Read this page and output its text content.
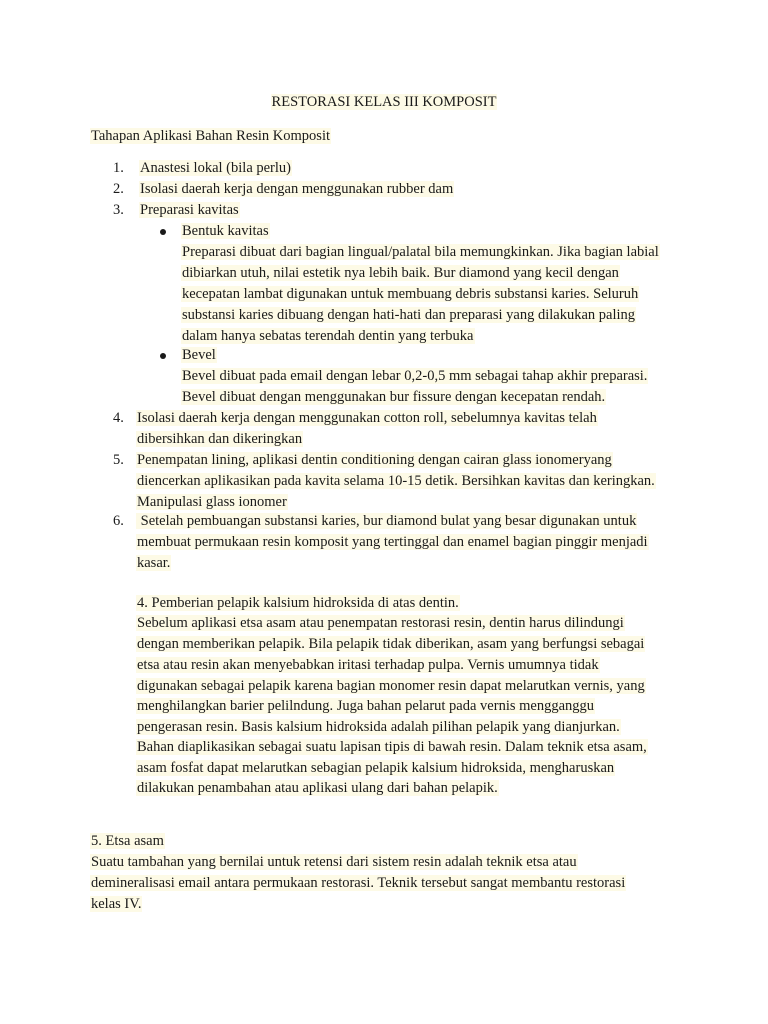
RESTORASI KELAS III KOMPOSIT
Tahapan Aplikasi Bahan Resin Komposit
1. Anastesi lokal (bila perlu)
2. Isolasi daerah kerja dengan menggunakan rubber dam
3. Preparasi kavitas
Bentuk kavitas
Preparasi dibuat dari bagian lingual/palatal bila memungkinkan. Jika bagian labial
dibiarkan utuh, nilai estetik nya lebih baik. Bur diamond yang kecil dengan
kecepatan lambat digunakan untuk membuang debris substansi karies. Seluruh
substansi karies dibuang dengan hati-hati dan preparasi yang dilakukan paling
dalam hanya sebatas terendah dentin yang terbuka
Bevel
Bevel dibuat pada email dengan lebar 0,2-0,5 mm sebagai tahap akhir preparasi.
Bevel dibuat dengan menggunakan bur fissure dengan kecepatan rendah.
4. Isolasi daerah kerja dengan menggunakan cotton roll, sebelumnya kavitas telah
dibersihkan dan dikeringkan
5. Penempatan lining, aplikasi dentin conditioning dengan cairan glass ionomeryang
diencerkan aplikasikan pada kavita selama 10-15 detik. Bersihkan kavitas dan keringkan.
Manipulasi glass ionomer
6. Setelah pembuangan substansi karies, bur diamond bulat yang besar digunakan untuk
membuat permukaan resin komposit yang tertinggal dan enamel bagian pinggir menjadi
kasar.
4. Pemberian pelapik kalsium hidroksida di atas dentin.
Sebelum aplikasi etsa asam atau penempatan restorasi resin, dentin harus dilindungi
dengan memberikan pelapik. Bila pelapik tidak diberikan, asam yang berfungsi sebagai
etsa atau resin akan menyebabkan iritasi terhadap pulpa. Vernis umumnya tidak
digunakan sebagai pelapik karena bagian monomer resin dapat melarutkan vernis, yang
menghilangkan barier pelilndung. Juga bahan pelarut pada vernis mengganggu
pengerasan resin. Basis kalsium hidroksida adalah pilihan pelapik yang dianjurkan.
Bahan diaplikasikan sebagai suatu lapisan tipis di bawah resin. Dalam teknik etsa asam,
asam fosfat dapat melarutkan sebagian pelapik kalsium hidroksida, mengharuskan
dilakukan penambahan atau aplikasi ulang dari bahan pelapik.
5. Etsa asam
Suatu tambahan yang bernilai untuk retensi dari sistem resin adalah teknik etsa atau
demineralisasi email antara permukaan restorasi. Teknik tersebut sangat membantu restorasi
kelas IV.
